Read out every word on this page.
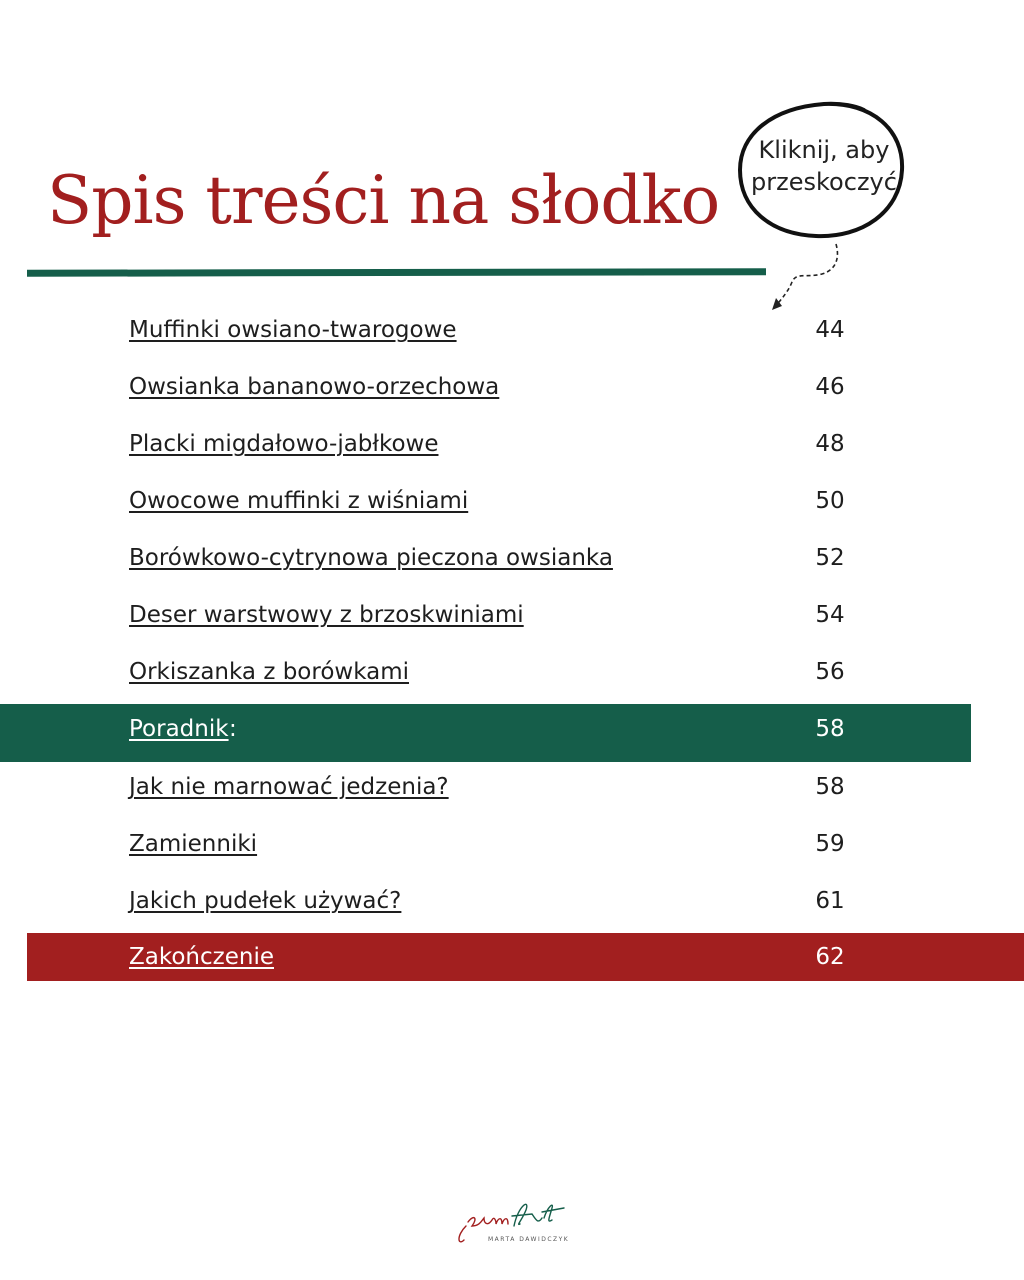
Spis treści na słodko
Kliknij, aby
przeskoczyć
Muffinki owsiano-twarogowe	44
Owsianka bananowo-orzechowa	46
Placki migdałowo-jabłkowe	48
Owocowe muffinki z wiśniami	50
Borówkowo-cytrynowa pieczona owsianka	52
Deser warstwowy z brzoskwiniami	54
Orkiszanka z borówkami	56
Poradnik :	58
Jak nie marnować jedzenia?	58
Zamienniki	59
Jakich pudełek używać?	61
Zakończenie	62
MARTA DAWIDCZYK
